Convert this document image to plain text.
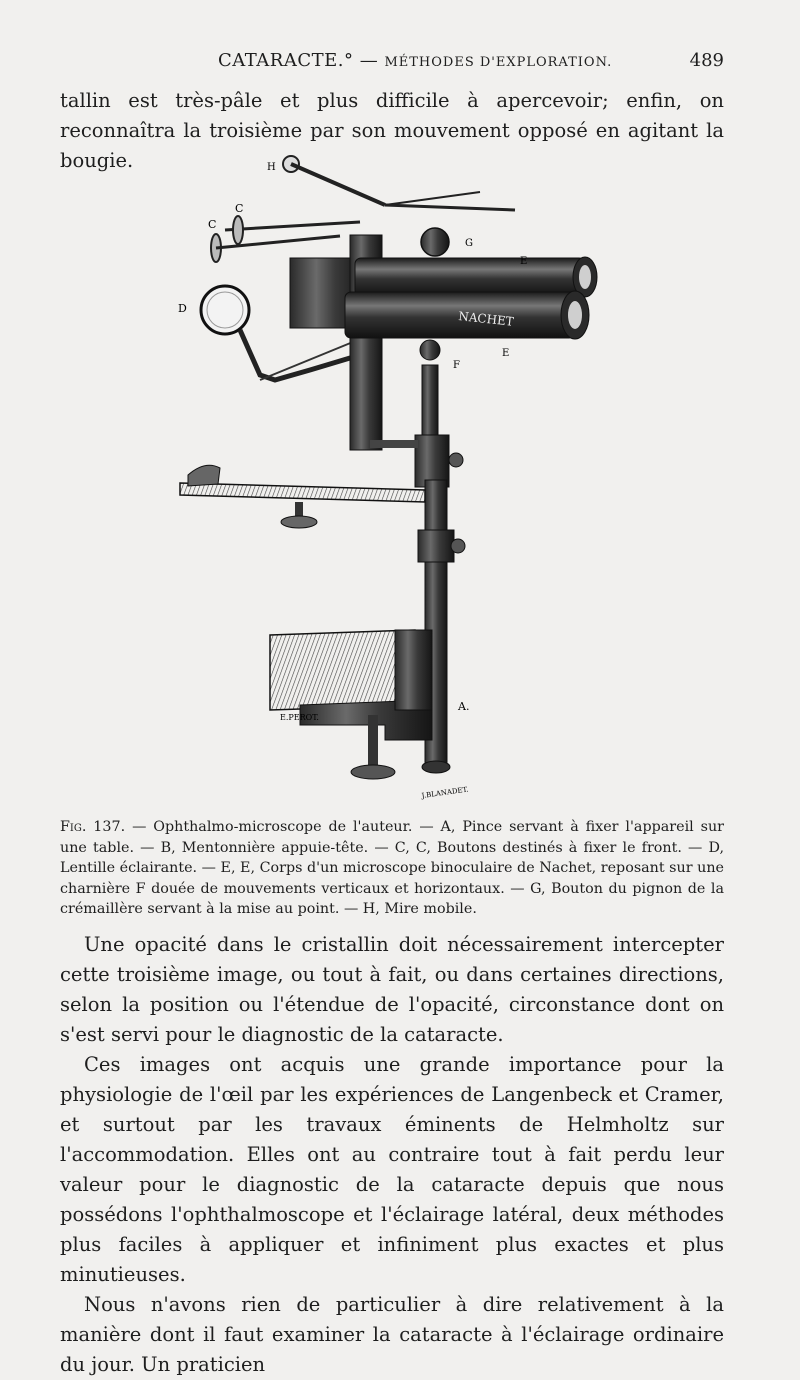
CATARACTE.° — MÉTHODES D'EXPLORATION.	489

tallin est très-pâle et plus difficile à apercevoir; enfin, on reconnaîtra la troisième par son mouvement opposé en agitant la bougie.

NACHET
H
C
C
G
E
D
E
F
A.
E.PEROT.
J.BLANADET.
Fig. 137. — Ophthalmo-microscope de l'auteur. — A, Pince servant à fixer l'appareil sur une table. — B, Mentonnière appuie-tête. — C, C, Boutons destinés à fixer le front. — D, Lentille éclairante. — E, E, Corps d'un microscope binoculaire de Nachet, reposant sur une charnière F douée de mouvements verticaux et horizontaux. — G, Bouton du pignon de la crémaillère servant à la mise au point. — H, Mire mobile.

Une opacité dans le cristallin doit nécessairement intercepter cette troisième image, ou tout à fait, ou dans certaines directions, selon la position ou l'étendue de l'opacité, circonstance dont on s'est servi pour le diagnostic de la cataracte.

Ces images ont acquis une grande importance pour la physiologie de l'œil par les expériences de Langenbeck et Cramer, et surtout par les travaux éminents de Helmholtz sur l'accommodation. Elles ont au contraire tout à fait perdu leur valeur pour le diagnostic de la cataracte depuis que nous possédons l'ophthalmoscope et l'éclairage latéral, deux méthodes plus faciles à appliquer et infiniment plus exactes et plus minutieuses.

Nous n'avons rien de particulier à dire relativement à la manière dont il faut examiner la cataracte à l'éclairage ordinaire du jour. Un praticien
